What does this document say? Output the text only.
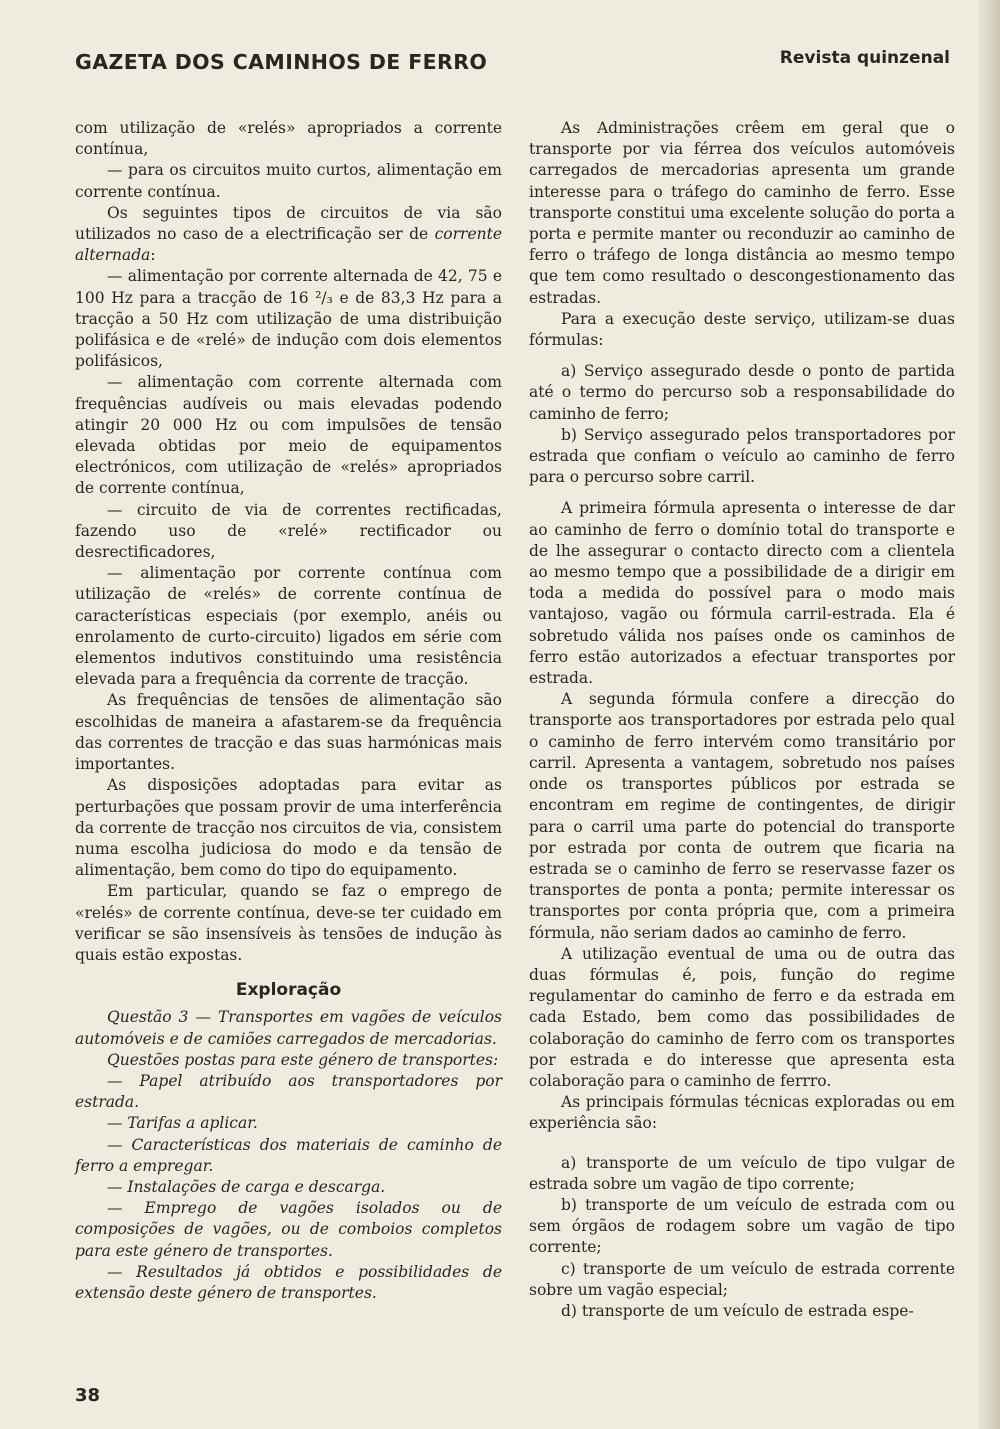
GAZETA DOS CAMINHOS DE FERRO	Revista quinzenal

com utilização de «relés» apropriados a corrente contínua,

— para os circuitos muito curtos, alimentação em corrente contínua.

Os seguintes tipos de circuitos de via são utilizados no caso de a electrificação ser de corrente alternada:

— alimentação por corrente alternada de 42, 75 e 100 Hz para a tracção de 16 ²/₃ e de 83,3 Hz para a tracção a 50 Hz com utilização de uma distribuição polifásica e de «relé» de indução com dois elementos polifásicos,

— alimentação com corrente alternada com frequências audíveis ou mais elevadas podendo atingir 20 000 Hz ou com impulsões de tensão elevada obtidas por meio de equipamentos electrónicos, com utilização de «relés» apropriados de corrente contínua,

— circuito de via de correntes rectificadas, fazendo uso de «relé» rectificador ou desrectificadores,

— alimentação por corrente contínua com utilização de «relés» de corrente contínua de características especiais (por exemplo, anéis ou enrolamento de curto-circuito) ligados em série com elementos indutivos constituindo uma resistência elevada para a frequência da corrente de tracção.

As frequências de tensões de alimentação são escolhidas de maneira a afastarem-se da frequência das correntes de tracção e das suas harmónicas mais importantes.

As disposições adoptadas para evitar as perturbações que possam provir de uma interferência da corrente de tracção nos circuitos de via, consistem numa escolha judiciosa do modo e da tensão de alimentação, bem como do tipo do equipamento.

Em particular, quando se faz o emprego de «relés» de corrente contínua, deve-se ter cuidado em verificar se são insensíveis às tensões de indução às quais estão expostas.

Exploração

Questão 3 — Transportes em vagões de veículos automóveis e de camiões carregados de mercadorias.

Questões postas para este género de transportes:

— Papel atribuído aos transportadores por estrada.

— Tarifas a aplicar.

— Características dos materiais de caminho de ferro a empregar.

— Instalações de carga e descarga.

— Emprego de vagões isolados ou de composições de vagões, ou de comboios completos para este género de transportes.

— Resultados já obtidos e possibilidades de extensão deste género de transportes.

As Administrações crêem em geral que o transporte por via férrea dos veículos automóveis carregados de mercadorias apresenta um grande interesse para o tráfego do caminho de ferro. Esse transporte constitui uma excelente solução do porta a porta e permite manter ou reconduzir ao caminho de ferro o tráfego de longa distância ao mesmo tempo que tem como resultado o descongestionamento das estradas.

Para a execução deste serviço, utilizam-se duas fórmulas:

a) Serviço assegurado desde o ponto de partida até o termo do percurso sob a responsabilidade do caminho de ferro;

b) Serviço assegurado pelos transportadores por estrada que confiam o veículo ao caminho de ferro para o percurso sobre carril.

A primeira fórmula apresenta o interesse de dar ao caminho de ferro o domínio total do transporte e de lhe assegurar o contacto directo com a clientela ao mesmo tempo que a possibilidade de a dirigir em toda a medida do possível para o modo mais vantajoso, vagão ou fórmula carril-estrada. Ela é sobretudo válida nos países onde os caminhos de ferro estão autorizados a efectuar transportes por estrada.

A segunda fórmula confere a direcção do transporte aos transportadores por estrada pelo qual o caminho de ferro intervém como transitário por carril. Apresenta a vantagem, sobretudo nos países onde os transportes públicos por estrada se encontram em regime de contingentes, de dirigir para o carril uma parte do potencial do transporte por estrada por conta de outrem que ficaria na estrada se o caminho de ferro se reservasse fazer os transportes de ponta a ponta; permite interessar os transportes por conta própria que, com a primeira fórmula, não seriam dados ao caminho de ferro.

A utilização eventual de uma ou de outra das duas fórmulas é, pois, função do regime regulamentar do caminho de ferro e da estrada em cada Estado, bem como das possibilidades de colaboração do caminho de ferro com os transportes por estrada e do interesse que apresenta esta colaboração para o caminho de ferrro.

As principais fórmulas técnicas exploradas ou em experiência são:

a) transporte de um veículo de tipo vulgar de estrada sobre um vagão de tipo corrente;

b) transporte de um veículo de estrada com ou sem órgãos de rodagem sobre um vagão de tipo corrente;

c) transporte de um veículo de estrada corrente sobre um vagão especial;

d) transporte de um veículo de estrada espe-

38
